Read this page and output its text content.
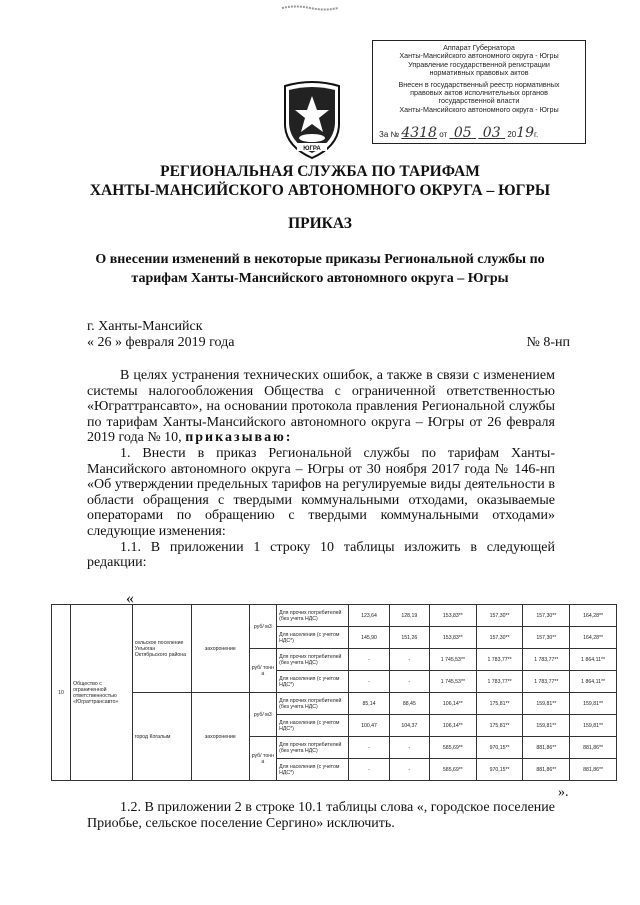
Аппарат Губернатора
Ханты-Мансийского автономного округа - Югры
Управление государственной регистрации
нормативных правовых актов
Внесен в государственный реестр нормативных
правовых актов исполнительных органов
государственной власти
Ханты-Мансийского автономного округа - Югры
За № 4318 от 05 03 2019г.
ЮГРА
РЕГИОНАЛЬНАЯ СЛУЖБА ПО ТАРИФАМ
ХАНТЫ-МАНСИЙСКОГО АВТОНОМНОГО ОКРУГА – ЮГРЫ
ПРИКАЗ
О внесении изменений в некоторые приказы Региональной службы по
тарифам Ханты-Мансийского автономного округа – Югры
г. Ханты-Мансийск
« 26 » февраля 2019 года	№ 8-нп

В целях устранения технических ошибок, а также в связи с изменением системы налогообложения Общества с ограниченной ответственностью «Юграттрансавто», на основании протокола правления Региональной службы по тарифам Ханты-Мансийского автономного округа – Югры от 26 февраля 2019 года № 10, приказываю:

1. Внести в приказ Региональной службы по тарифам Ханты-Мансийского автономного округа – Югры от 30 ноября 2017 года № 146-нп «Об утверждении предельных тарифов на регулируемые виды деятельности в области обращения с твердыми коммунальными отходами, оказываемые операторами по обращению с твердыми коммунальными отходами» следующие изменения:

1.1. В приложении 1 строку 10 таблицы изложить в следующей редакции:

«
10	Общество с ограниченной ответственностью «Юграттрансавто»	сельское поселение Унъюган Октябрьского района	захоронение	руб/ м3	Для прочих потребителей (без учета НДС)	123,64	128,19	153,83**	157,30**	157,30**	164,28**
					Для населения (с учетом НДС*)	145,90	151,26	153,83**	157,30**	157,30**	164,28**
				руб/ тонн а	Для прочих потребителей (без учета НДС)	-	-	1 745,53**	1 783,77**	1 783,77**	1 864,11**
					Для населения (с учетом НДС*)	-	-	1 745,53**	1 783,77**	1 783,77**	1 864,11**
		город Когалым	захоронение	руб/ м3	Для прочих потребителей (без учета НДС)	85,14	88,45	106,14**	175,81**	159,81**	159,81**
					Для населения (с учетом НДС*)	100,47	104,37	106,14**	175,81**	159,81**	159,81**
				руб/ тонн а	Для прочих потребителей (без учета НДС)	-	-	585,69**	970,15**	881,86**	881,86**
					Для населения (с учетом НДС*)	-	-	585,69**	970,15**	881,86**	881,86**
».

1.2. В приложении 2 в строке 10.1 таблицы слова «, городское поселение Приобье, сельское поселение Сергино» исключить.
